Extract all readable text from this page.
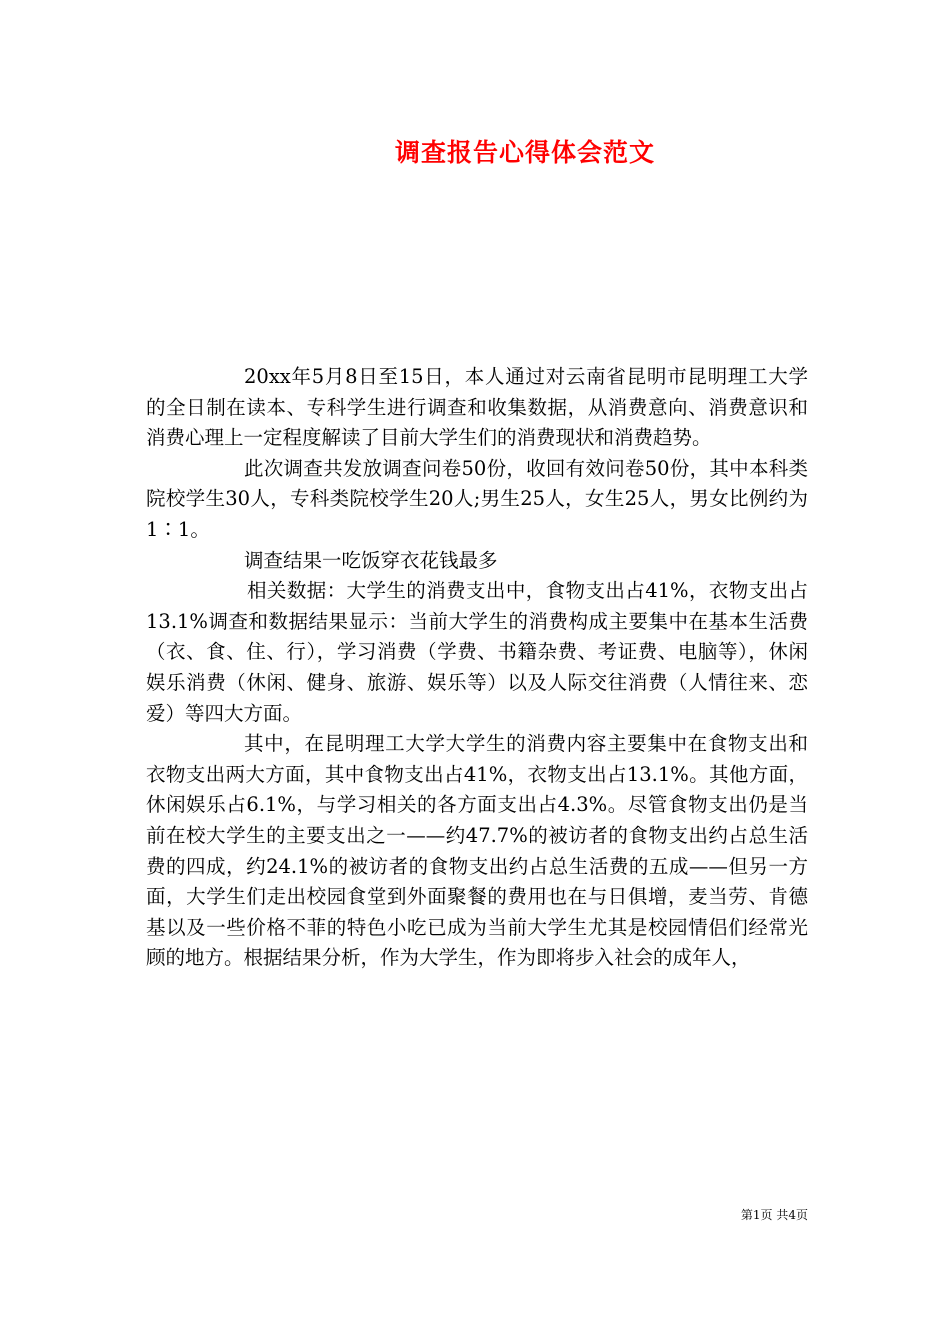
调查报告心得体会范文

20xx年5月8日至15日，本人通过对云南省昆明市昆明理工大学的全日制在读本、专科学生进行调查和收集数据，从消费意向、消费意识和消费心理上一定程度解读了目前大学生们的消费现状和消费趋势。

此次调查共发放调查问卷50份，收回有效问卷50份，其中本科类院校学生30人，专科类院校学生20人;男生25人，女生25人，男女比例约为1∶1。

调查结果一吃饭穿衣花钱最多

相关数据：大学生的消费支出中，食物支出占41%，衣物支出占13.1%调查和数据结果显示：当前大学生的消费构成主要集中在基本生活费（衣、食、住、行），学习消费（学费、书籍杂费、考证费、电脑等），休闲娱乐消费（休闲、健身、旅游、娱乐等）以及人际交往消费（人情往来、恋爱）等四大方面。

其中，在昆明理工大学大学生的消费内容主要集中在食物支出和衣物支出两大方面，其中食物支出占41%，衣物支出占13.1%。其他方面，休闲娱乐占6.1%，与学习相关的各方面支出占4.3%。尽管食物支出仍是当前在校大学生的主要支出之一——约47.7%的被访者的食物支出约占总生活费的四成，约24.1%的被访者的食物支出约占总生活费的五成——但另一方面，大学生们走出校园食堂到外面聚餐的费用也在与日俱增，麦当劳、肯德基以及一些价格不菲的特色小吃已成为当前大学生尤其是校园情侣们经常光顾的地方。根据结果分析，作为大学生，作为即将步入社会的成年人，

第1页 共4页
